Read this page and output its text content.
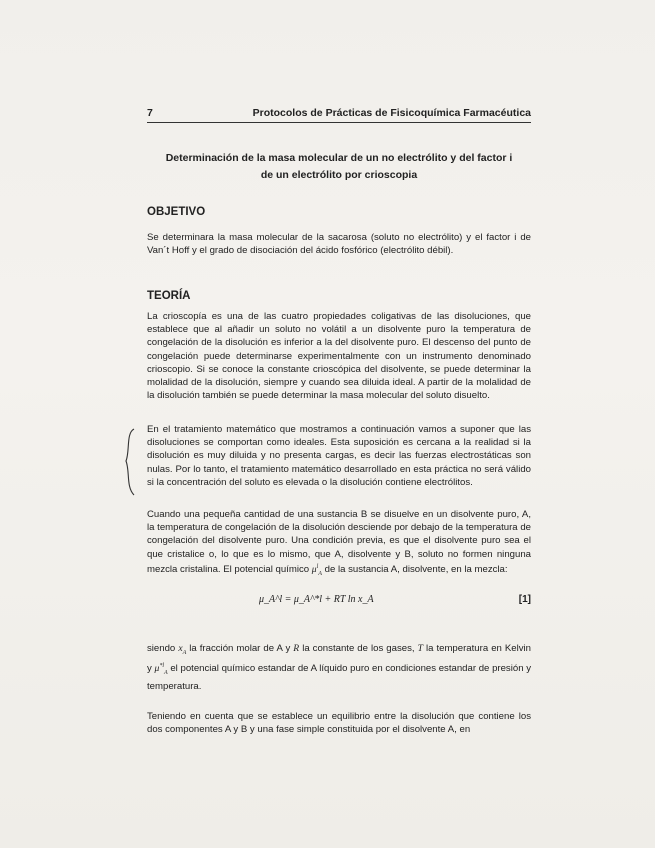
7	Protocolos de Prácticas de Fisicoquímica Farmacéutica
Determinación de la masa molecular de un no electrólito y del factor i
de un electrólito por crioscopia
OBJETIVO
Se determinara la masa molecular de la sacarosa (soluto no electrólito) y el factor i de Van´t Hoff y el grado de disociación del ácido fosfórico (electrólito débil).
TEORÍA
La crioscopía es una de las cuatro propiedades coligativas de las disoluciones, que establece que al añadir un soluto no volátil a un disolvente puro la temperatura de congelación de la disolución es inferior a la del disolvente puro. El descenso del punto de congelación puede determinarse experimentalmente con un instrumento denominado crioscopio. Si se conoce la constante crioscópica del disolvente, se puede determinar la molalidad de la disolución, siempre y cuando sea diluida ideal. A partir de la molalidad de la disolución también se puede determinar la masa molecular del soluto disuelto.
En el tratamiento matemático que mostramos a continuación vamos a suponer que las disoluciones se comportan como ideales. Esta suposición es cercana a la realidad si la disolución es muy diluida y no presenta cargas, es decir las fuerzas electrostáticas son nulas. Por lo tanto, el tratamiento matemático desarrollado en esta práctica no será válido si la concentración del soluto es elevada o la disolución contiene electrólitos.
Cuando una pequeña cantidad de una sustancia B se disuelve en un disolvente puro, A, la temperatura de congelación de la disolución desciende por debajo de la temperatura de congelación del disolvente puro. Una condición previa, es que el disolvente puro sea el que cristalice o, lo que es lo mismo, que A, disolvente y B, soluto no formen ninguna mezcla cristalina. El potencial químico $\mu^l_A$ de la sustancia A, disolvente, en la mezcla:
μ_A^l = μ_A^*l + RT ln x_A	[1]
siendo $x_A$ la fracción molar de A y R la constante de los gases, T la temperatura en Kelvin y $\mu^{*l}_A$ el potencial químico estandar de A líquido puro en condiciones estandar de presión y temperatura.
Teniendo en cuenta que se establece un equilibrio entre la disolución que contiene los dos componentes A y B y una fase simple constituida por el disolvente A, en
